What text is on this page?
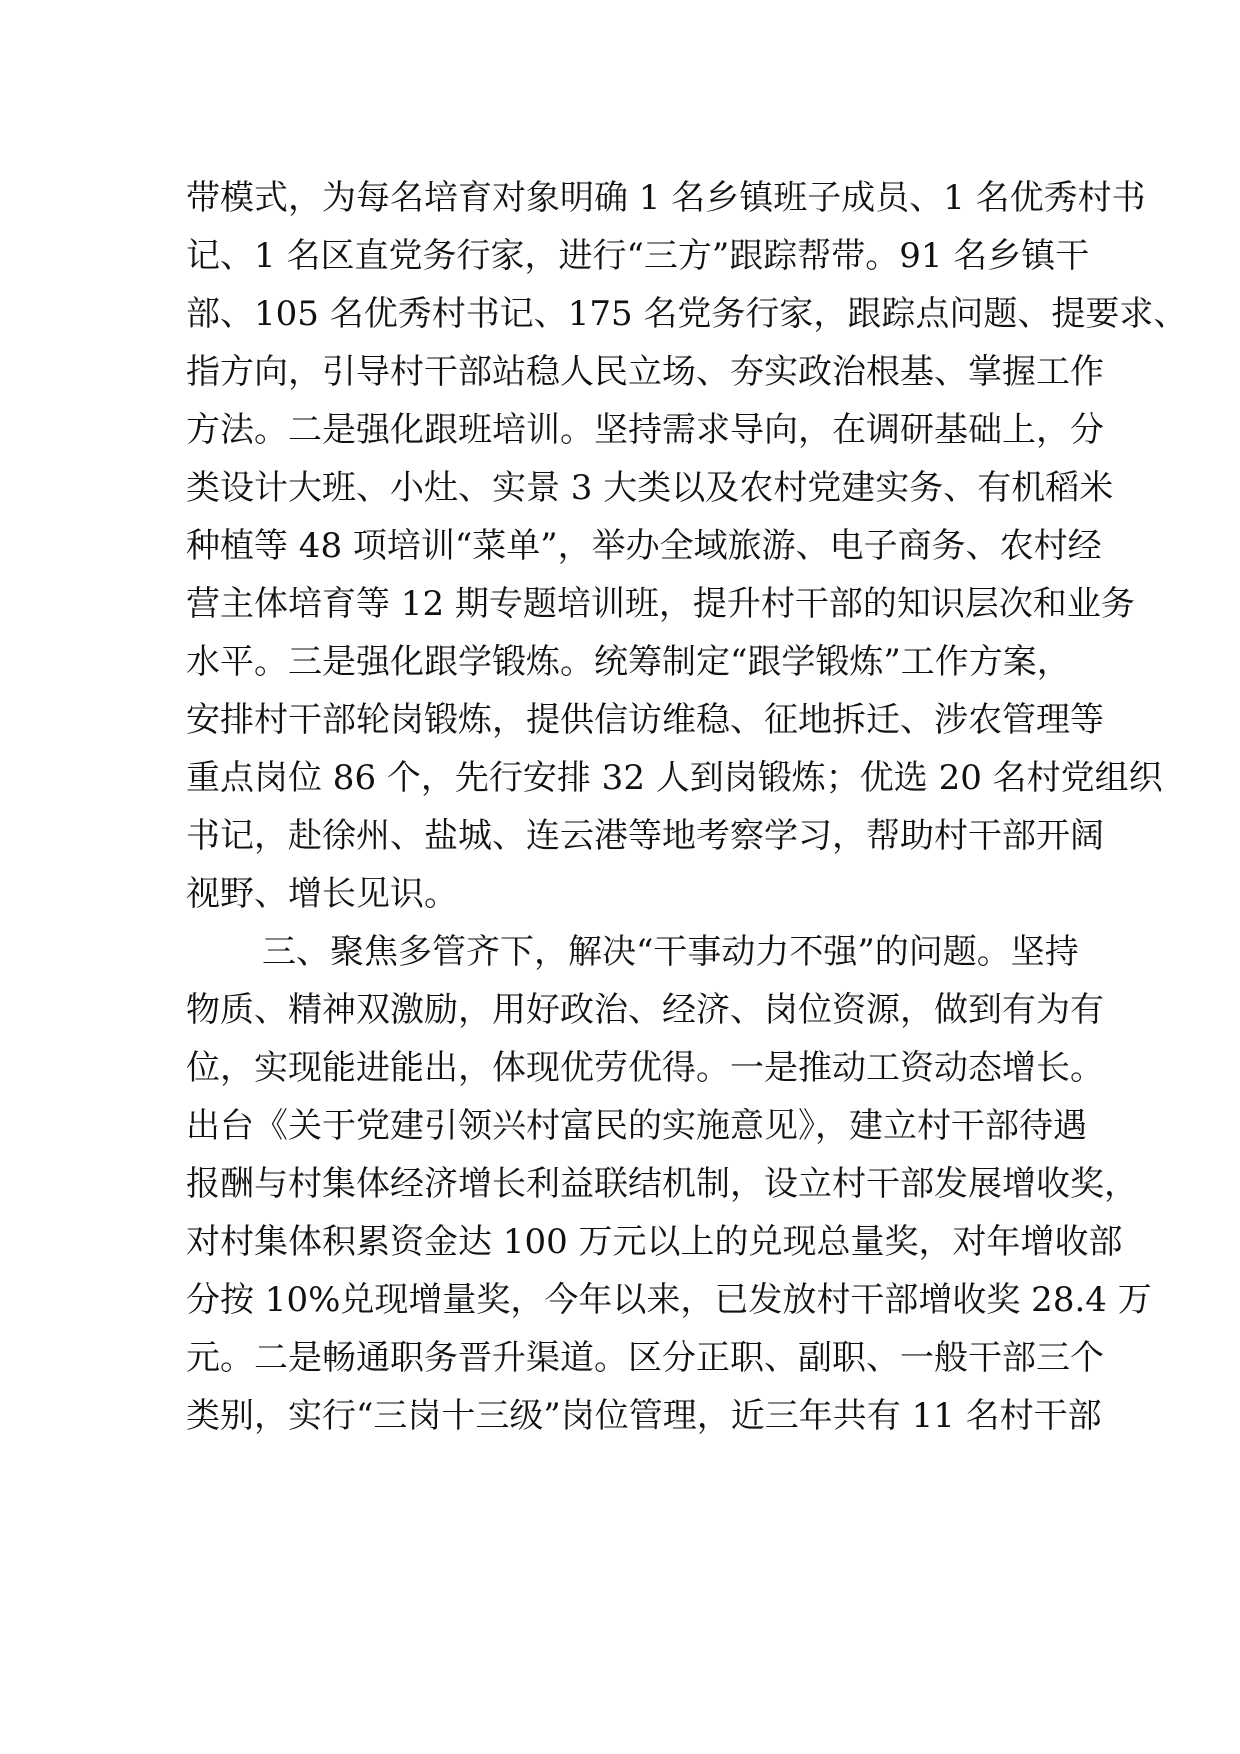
带模式，为每名培育对象明确 1 名乡镇班子成员、1 名优秀村书
记、1 名区直党务行家，进行“三方”跟踪帮带。91 名乡镇干
部、105 名优秀村书记、175 名党务行家，跟踪点问题、提要求、
指方向，引导村干部站稳人民立场、夯实政治根基、掌握工作
方法。二是强化跟班培训。坚持需求导向，在调研基础上，分
类设计大班、小灶、实景 3 大类以及农村党建实务、有机稻米
种植等 48 项培训“菜单”，举办全域旅游、电子商务、农村经
营主体培育等 12 期专题培训班，提升村干部的知识层次和业务
水平。三是强化跟学锻炼。统筹制定“跟学锻炼”工作方案，
安排村干部轮岗锻炼，提供信访维稳、征地拆迁、涉农管理等
重点岗位 86 个，先行安排 32 人到岗锻炼；优选 20 名村党组织
书记，赴徐州、盐城、连云港等地考察学习，帮助村干部开阔
视野、增长见识。
三、聚焦多管齐下，解决“干事动力不强”的问题。坚持
物质、精神双激励，用好政治、经济、岗位资源，做到有为有
位，实现能进能出，体现优劳优得。一是推动工资动态增长。
出台《关于党建引领兴村富民的实施意见》，建立村干部待遇
报酬与村集体经济增长利益联结机制，设立村干部发展增收奖，
对村集体积累资金达 100 万元以上的兑现总量奖，对年增收部
分按 10%兑现增量奖，今年以来，已发放村干部增收奖 28.4 万
元。二是畅通职务晋升渠道。区分正职、副职、一般干部三个
类别，实行“三岗十三级”岗位管理，近三年共有 11 名村干部
